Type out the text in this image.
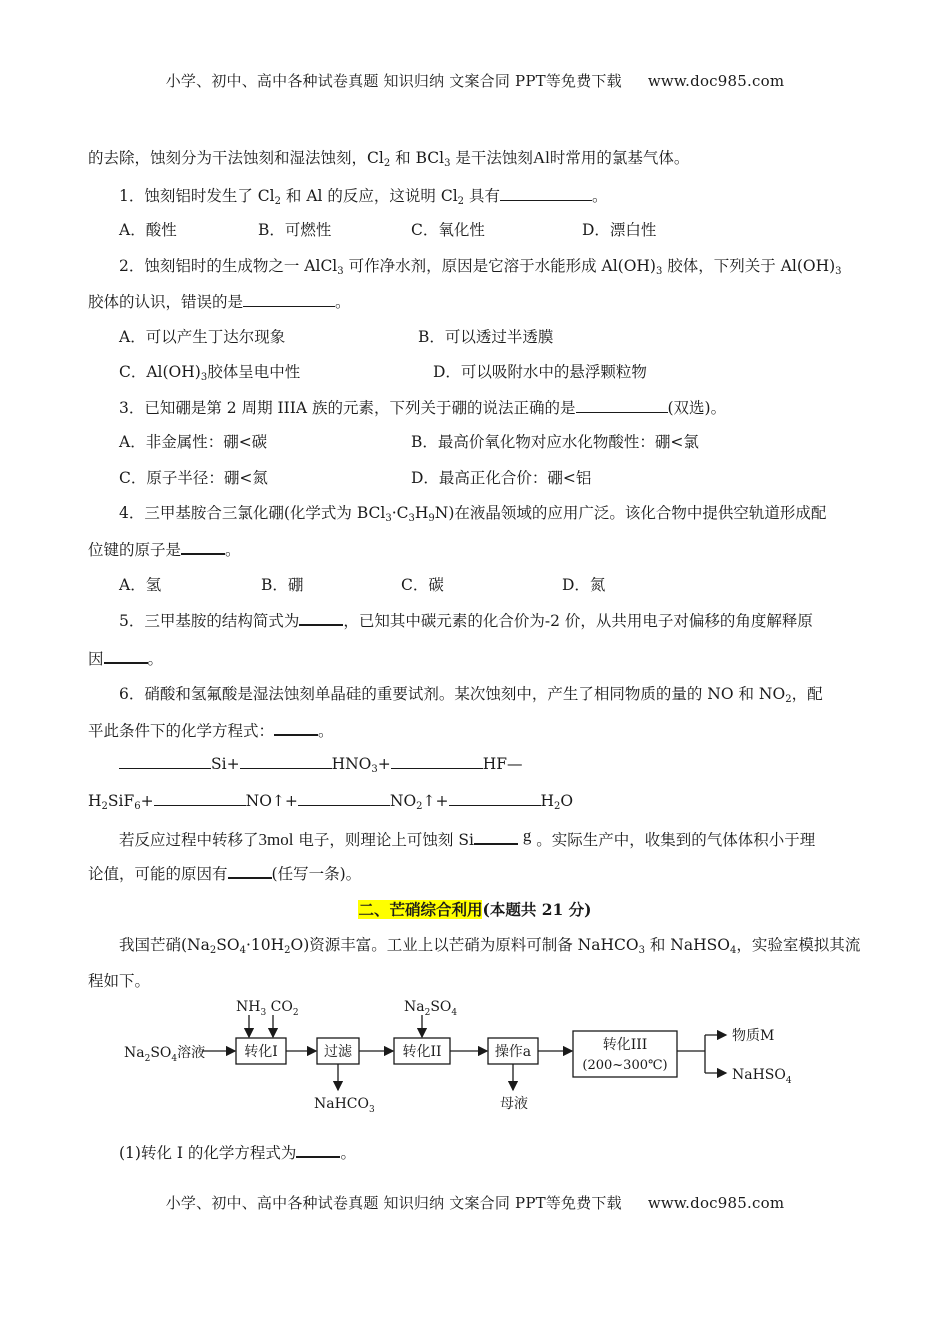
小学、初中、高中各种试卷真题 知识归纳 文案合同 PPT等免费下载 www.doc985.com
的去除，蚀刻分为干法蚀刻和湿法蚀刻，$Cl_2$ 和 BCl$_3$ 是干法蚀刻Al时常用的氯基气体。
1．蚀刻铝时发生了 $Cl_2$ 和 Al 的反应，这说明 $Cl_2$ 具有	。
A．酸性	B．可燃性	C．氧化性	D．漂白性
2．蚀刻铝时的生成物之一 AlCl$_3$ 可作净水剂，原因是它溶于水能形成 $Al(OH)_3$ 胶体，下列关于 $Al(OH)_3$
胶体的认识，错误的是	。
A．可以产生丁达尔现象	B．可以透过半透膜
C．$Al(OH)_3$胶体呈电中性	D．可以吸附水中的悬浮颗粒物
3．已知硼是第 2 周期 IIIA 族的元素，下列关于硼的说法正确的是	(双选)。
A．非金属性：硼<碳	B．最高价氧化物对应水化物酸性：硼<氯
C．原子半径：硼<氮	D．最高正化合价：硼<铝
4．三甲基胺合三氯化硼(化学式为 $BCl_3\cdot C_3H_9N$)在液晶领域的应用广泛。该化合物中提供空轨道形成配
位键的原子是	。
A．氢	B．硼	C．碳	D．氮
5．三甲基胺的结构简式为	，已知其中碳元素的化合价为-2 价，从共用电子对偏移的角度解释原
因	。
6．硝酸和氢氟酸是湿法蚀刻单晶硅的重要试剂。某次蚀刻中，产生了相同物质的量的 NO 和 $NO_2$，配
平此条件下的化学方程式：	。
Si+	$HNO_3+$	HF—
$H_2SiF_6+$	NO↑+	$NO_2↑+$	$H_2O$
若反应过程中转移了3mol 电子，则理论上可蚀刻 Si	g 。实际生产中，收集到的气体体积小于理
论值，可能的原因有	(任写一条)。
二、芒硝综合利用(本题共 21 分)
我国芒硝$(Na_2SO_4\cdot 10H_2O)$资源丰富。工业上以芒硝为原料可制备 NaHCO$_3$ 和 NaHSO$_4$，实验室模拟其流
程如下。
$Na_2SO_4$溶液	转化I	过滤	转化II	操作a	转化III
(200~300℃)
$NH_3$ $CO_2$	$Na_2SO_4$
NaHCO$_3$	母液
物质M
NaHSO$_4$
(1)转化 I 的化学方程式为	。
小学、初中、高中各种试卷真题 知识归纳 文案合同 PPT等免费下载 www.doc985.com
